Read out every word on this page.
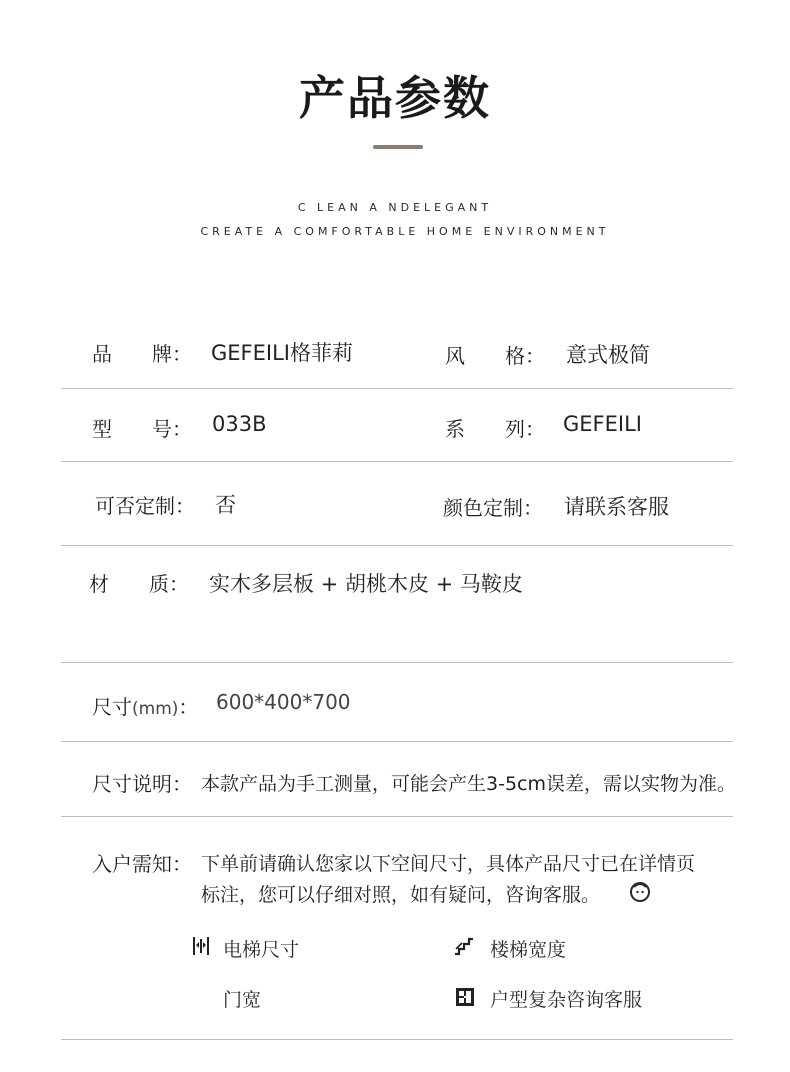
产品参数
C LEAN A NDELEGANT
CREATE A COMFORTABLE HOME ENVIRONMENT
品　　牌： GEFEILI格菲莉	风　　格： 意式极简
型　　号： 033B	系　　列： GEFEILI
可否定制： 否	颜色定制： 请联系客服
材　　质： 实木多层板 + 胡桃木皮 + 马鞍皮
尺寸(mm)： 600*400*700
尺寸说明： 本款产品为手工测量，可能会产生3-5cm误差，需以实物为准。
入户需知： 下单前请确认您家以下空间尺寸，具体产品尺寸已在详情页
标注，您可以仔细对照，如有疑问，咨询客服。
电梯尺寸	楼梯宽度
门宽	户型复杂咨询客服
